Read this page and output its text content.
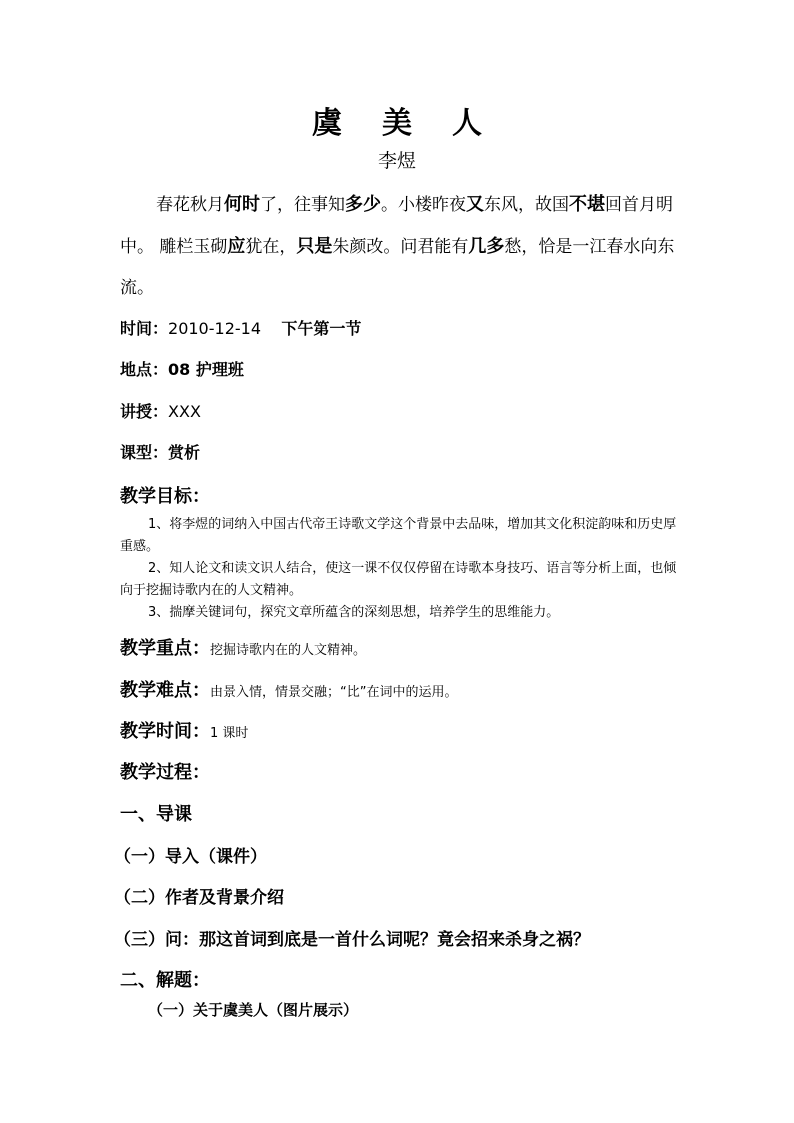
虞美人
李煜
春花秋月何时了，往事知多少。小楼昨夜又东风，故国不堪回首月明中。 雕栏玉砌应犹在，只是朱颜改。问君能有几多愁，恰是一江春水向东流。
时间：2010-12-14 下午第一节
地点：08 护理班
讲授：XXX
课型：赏析
教学目标：

1、将李煜的词纳入中国古代帝王诗歌文学这个背景中去品味，增加其文化积淀韵味和历史厚重感。

2、知人论文和读文识人结合，使这一课不仅仅停留在诗歌本身技巧、语言等分析上面，也倾向于挖掘诗歌内在的人文精神。

3、揣摩关键词句，探究文章所蕴含的深刻思想，培养学生的思维能力。

教学重点：挖掘诗歌内在的人文精神。
教学难点：由景入情，情景交融；“比”在词中的运用。
教学时间：1 课时
教学过程：
一、导课
（一）导入（课件）
（二）作者及背景介绍
（三）问：那这首词到底是一首什么词呢？竟会招来杀身之祸？
二、解题：
（一）关于虞美人（图片展示）
